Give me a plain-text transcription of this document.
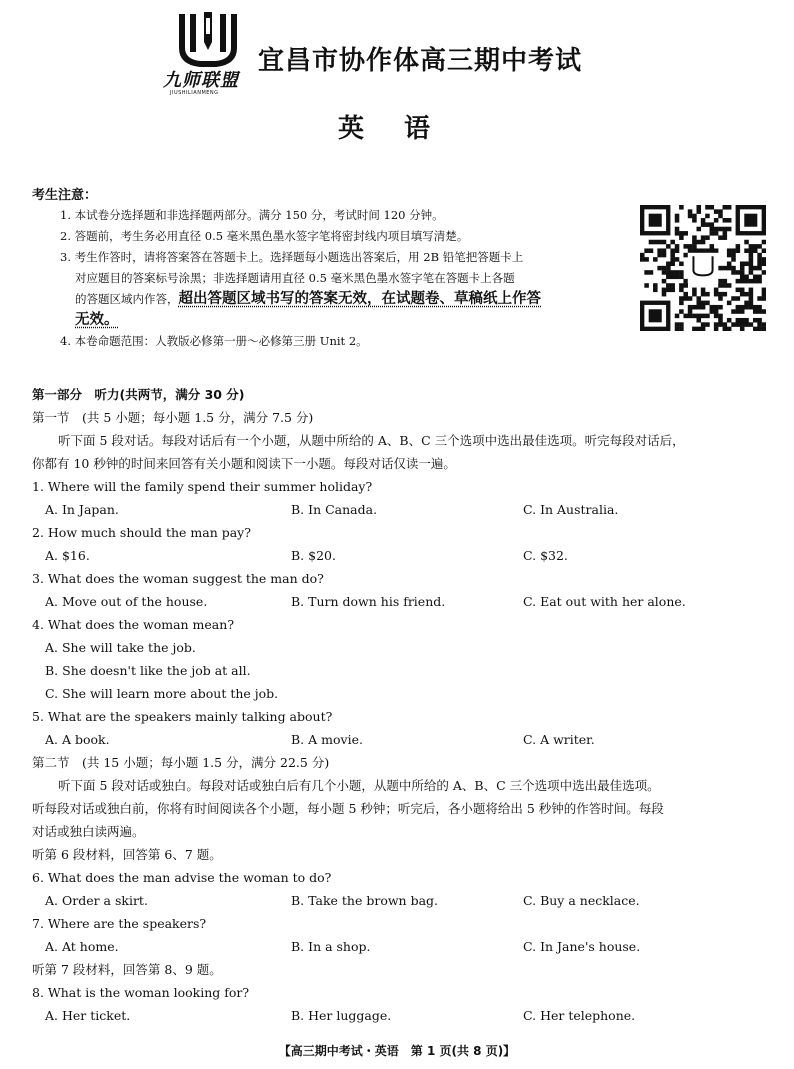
九师联盟
JIUSHILIANMENG
宜昌市协作体高三期中考试
英语
考生注意：

1. 本试卷分选择题和非选择题两部分。满分 150 分，考试时间 120 分钟。

2. 答题前，考生务必用直径 0.5 毫米黑色墨水签字笔将密封线内项目填写清楚。

3. 考生作答时，请将答案答在答题卡上。选择题每小题选出答案后，用 2B 铅笔把答题卡上

对应题目的答案标号涂黑；非选择题请用直径 0.5 毫米黑色墨水签字笔在答题卡上各题

的答题区域内作答，超出答题区域书写的答案无效，在试题卷、草稿纸上作答

无效。

4. 本卷命题范围：人教版必修第一册～必修第三册 Unit 2。

第一部分　听力(共两节，满分 30 分)
第一节　(共 5 小题；每小题 1.5 分，满分 7.5 分)
听下面 5 段对话。每段对话后有一个小题，从题中所给的 A、B、C 三个选项中选出最佳选项。听完每段对话后，
你都有 10 秒钟的时间来回答有关小题和阅读下一小题。每段对话仅读一遍。
1. Where will the family spend their summer holiday?
A. In Japan.	B. In Canada.	C. In Australia.
2. How much should the man pay?
A. $16.	B. $20.	C. $32.
3. What does the woman suggest the man do?
A. Move out of the house.	B. Turn down his friend.	C. Eat out with her alone.
4. What does the woman mean?
A. She will take the job.
B. She doesn't like the job at all.
C. She will learn more about the job.
5. What are the speakers mainly talking about?
A. A book.	B. A movie.	C. A writer.
第二节　(共 15 小题；每小题 1.5 分，满分 22.5 分)
听下面 5 段对话或独白。每段对话或独白后有几个小题，从题中所给的 A、B、C 三个选项中选出最佳选项。
听每段对话或独白前，你将有时间阅读各个小题，每小题 5 秒钟；听完后，各小题将给出 5 秒钟的作答时间。每段
对话或独白读两遍。
听第 6 段材料，回答第 6、7 题。
6. What does the man advise the woman to do?
A. Order a skirt.	B. Take the brown bag.	C. Buy a necklace.
7. Where are the speakers?
A. At home.	B. In a shop.	C. In Jane's house.
听第 7 段材料，回答第 8、9 题。
8. What is the woman looking for?
A. Her ticket.	B. Her luggage.	C. Her telephone.
【高三期中考试・英语　第 1 页(共 8 页)】
